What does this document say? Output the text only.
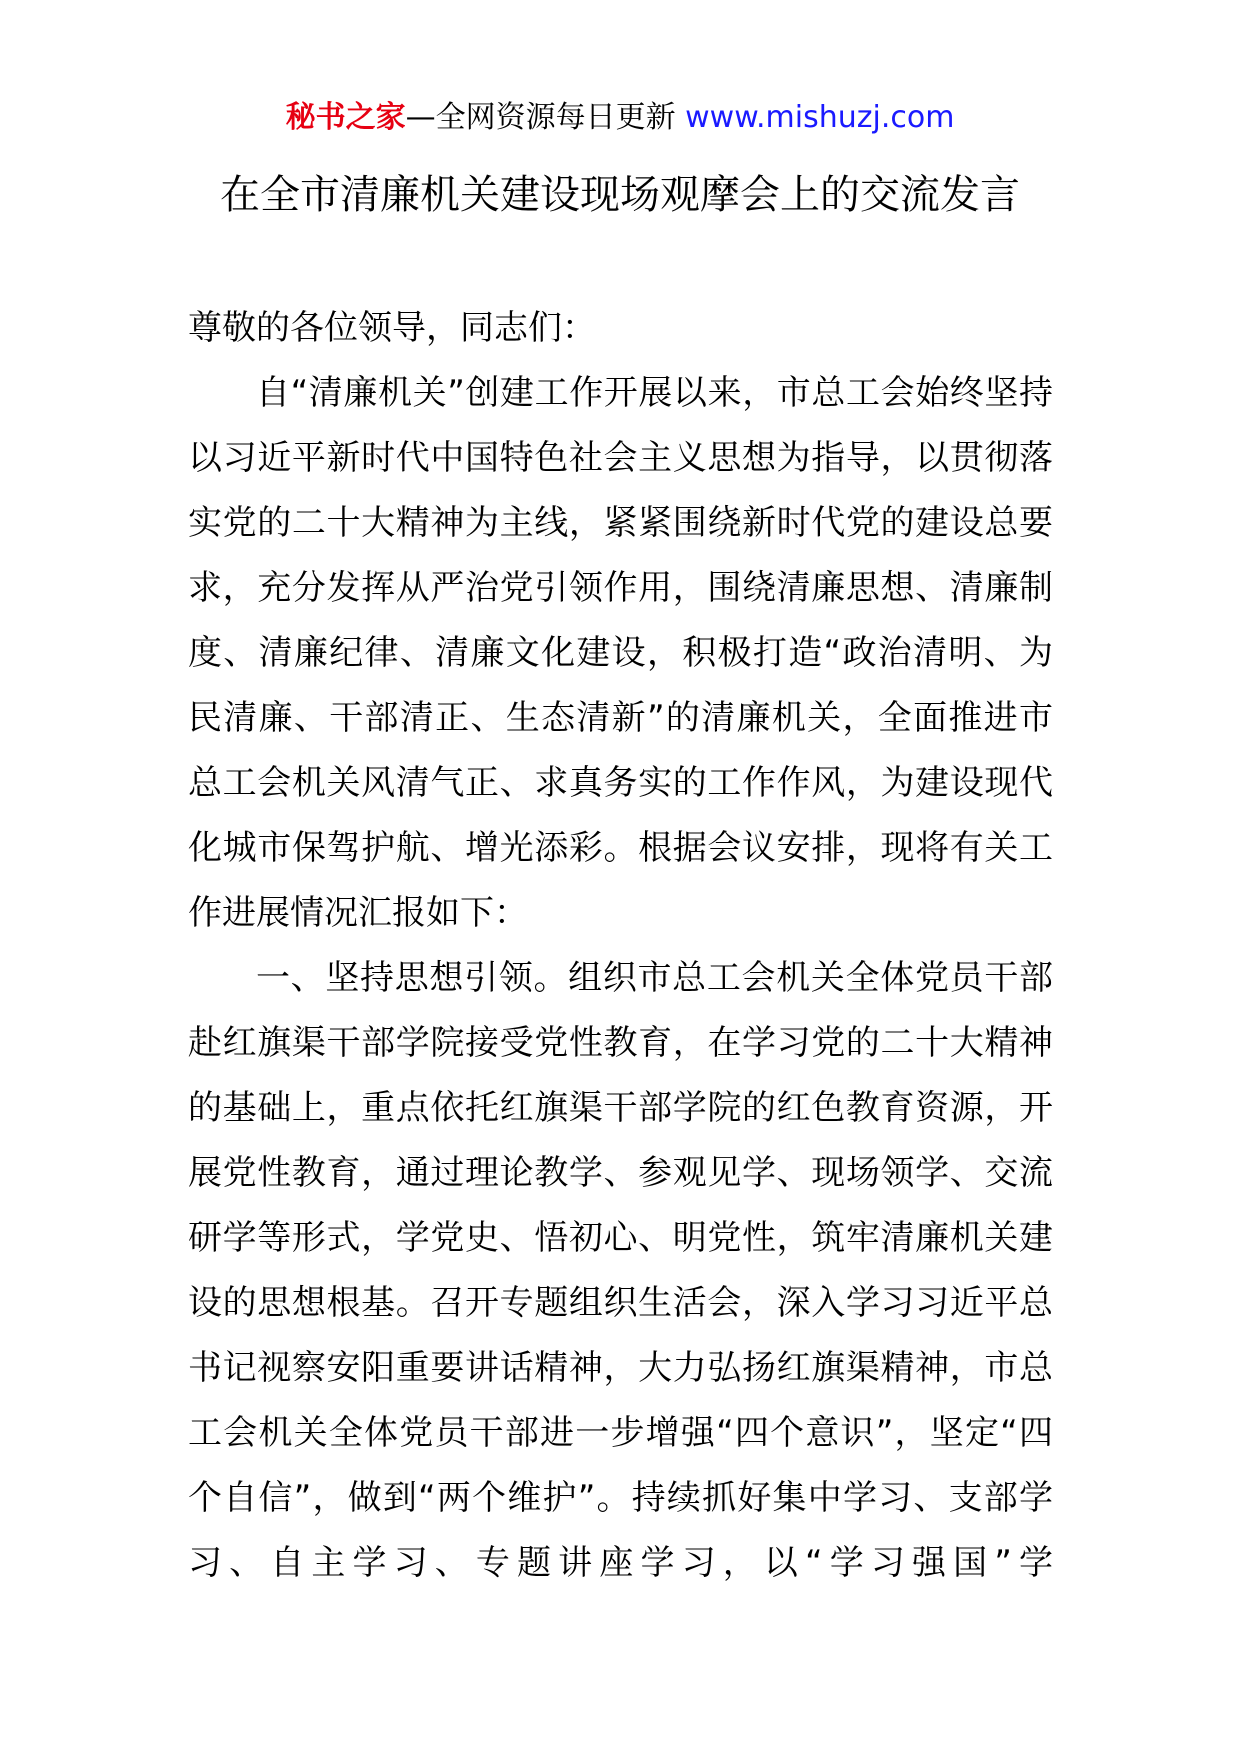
秘书之家—全网资源每日更新 www.mishuzj.com
在全市清廉机关建设现场观摩会上的交流发言

尊敬的各位领导，同志们：

自“清廉机关”创建工作开展以来，市总工会始终坚持以习近平新时代中国特色社会主义思想为指导，以贯彻落实党的二十大精神为主线，紧紧围绕新时代党的建设总要求，充分发挥从严治党引领作用，围绕清廉思想、清廉制度、清廉纪律、清廉文化建设，积极打造“政治清明、为民清廉、干部清正、生态清新”的清廉机关，全面推进市总工会机关风清气正、求真务实的工作作风，为建设现代化城市保驾护航、增光添彩。根据会议安排，现将有关工作进展情况汇报如下：

一、坚持思想引领。组织市总工会机关全体党员干部赴红旗渠干部学院接受党性教育，在学习党的二十大精神的基础上，重点依托红旗渠干部学院的红色教育资源，开展党性教育，通过理论教学、参观见学、现场领学、交流研学等形式，学党史、悟初心、明党性，筑牢清廉机关建设的思想根基。召开专题组织生活会，深入学习习近平总书记视察安阳重要讲话精神，大力弘扬红旗渠精神，市总工会机关全体党员干部进一步增强“四个意识”，坚定“四个自信”，做到“两个维护”。持续抓好集中学习、支部学习、自主学习、专题讲座学习，以“学习强国”学
